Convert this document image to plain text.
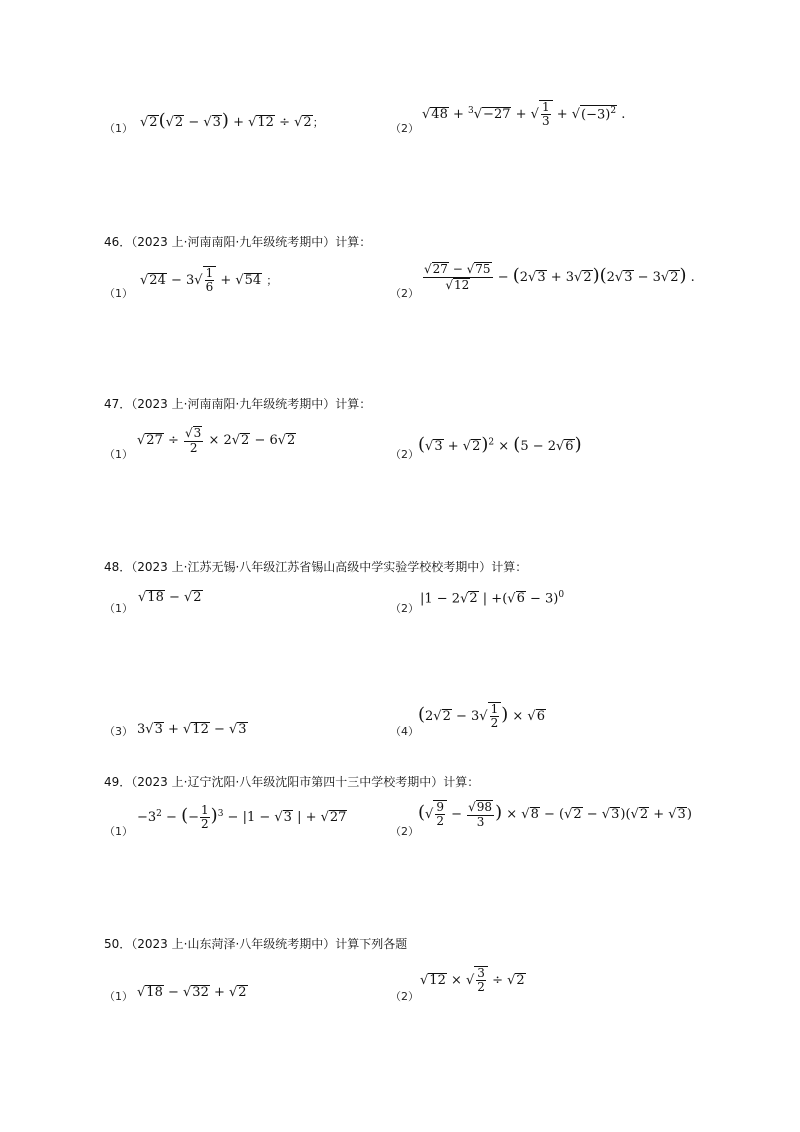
（1） √2(√2 − √3) + √12 ÷ √2；	（2）
√48 + $^3$√−27 + √ $\frac{1}{3} + √(-3)^2$ .
46．（2023 上·河南南阳·九年级统考期中）计算：
（1）
$√24 - 3√ \frac{1}{6} + √54$ ；
（2）
$\frac{√27 - √75}{√12} - (2√3 + 3√2)(2√3 - 3√2)$ .
47．（2023 上·河南南阳·九年级统考期中）计算：
（1）
$√27 \div \frac{√3}{2} \times 2√2 - 6√2$
（2） $(√3 + √2)^2 \times (5 - 2√6)$
48．（2023 上·江苏无锡·八年级江苏省锡山高级中学实验学校校考期中）计算：
（1）
√18 − √2
（2）
|1 − 2√2 | $+(√6 - 3)^0$
（3） 3√3 + √12 − √3	（4）
($2√2 - 3√ \frac{1}{2}$ ) × √6
49．（2023 上·辽宁沈阳·八年级沈阳市第四十三中学校考期中）计算：
（1）
$-3^2$ − (− $\frac{1}{2} )^3 - |1 - √3$ | + √27
（2）
(√ $\frac{9}{2} - \frac{√98}{3}$ ) × √8 − (√2 − √3)(√2 + √3)
50．（2023 上·山东菏泽·八年级统考期中）计算下列各题
（1） √18 − √32 + √2	（2）
√12 × √ $\frac{3}{2} \div √2$
